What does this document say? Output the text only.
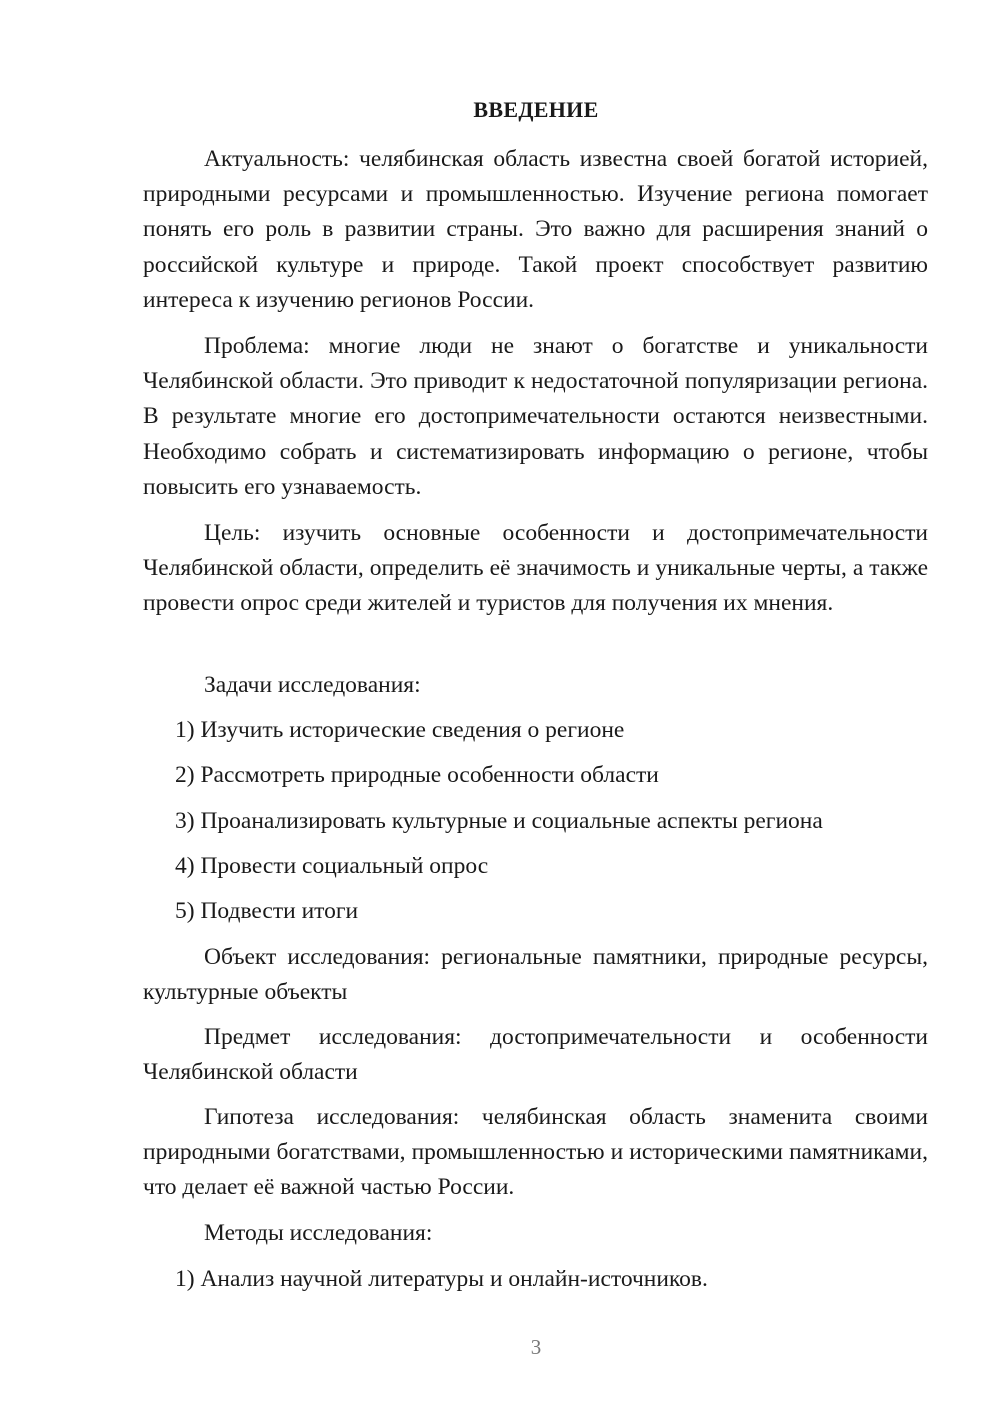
ВВЕДЕНИЕ

Актуальность: челябинская область известна своей богатой историей, природными ресурсами и промышленностью. Изучение региона помогает понять его роль в развитии страны. Это важно для расширения знаний о российской культуре и природе. Такой проект способствует развитию интереса к изучению регионов России.

Проблема: многие люди не знают о богатстве и уникальности Челябинской области. Это приводит к недостаточной популяризации региона. В результате многие его достопримечательности остаются неизвестными. Необходимо собрать и систематизировать информацию о регионе, чтобы повысить его узнаваемость.

Цель: изучить основные особенности и достопримечательности Челябинской области, определить её значимость и уникальные черты, а также провести опрос среди жителей и туристов для получения их мнения.

Задачи исследования:

1) Изучить исторические сведения о регионе

2) Рассмотреть природные особенности области

3) Проанализировать культурные и социальные аспекты региона

4) Провести социальный опрос

5) Подвести итоги

Объект исследования: региональные памятники, природные ресурсы, культурные объекты

Предмет исследования: достопримечательности и особенности Челябинской области

Гипотеза исследования: челябинская область знаменита своими природными богатствами, промышленностью и историческими памятниками, что делает её важной частью России.

Методы исследования:

1) Анализ научной литературы и онлайн-источников.

3
